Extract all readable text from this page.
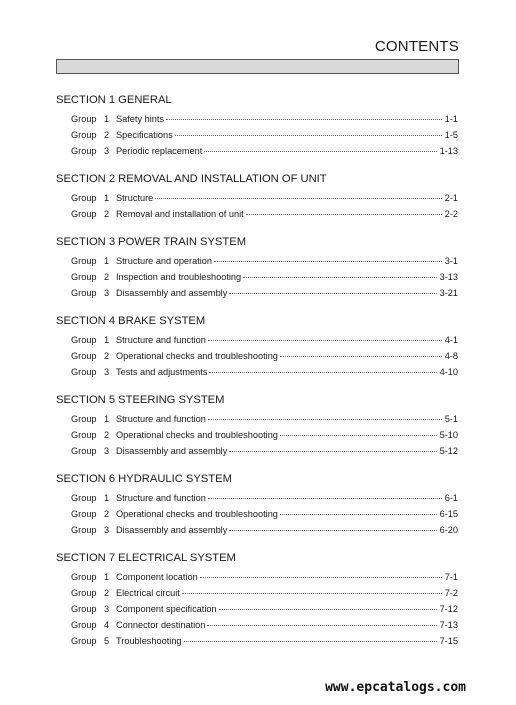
CONTENTS
SECTION 1 GENERAL
Group 1 Safety hints	1-1
Group 2 Specifications	1-5
Group 3 Periodic replacement	1-13
SECTION 2 REMOVAL AND INSTALLATION OF UNIT
Group 1 Structure	2-1
Group 2 Removal and installation of unit	2-2
SECTION 3 POWER TRAIN SYSTEM
Group 1 Structure and operation	3-1
Group 2 Inspection and troubleshooting	3-13
Group 3 Disassembly and assembly	3-21
SECTION 4 BRAKE SYSTEM
Group 1 Structure and function	4-1
Group 2 Operational checks and troubleshooting	4-8
Group 3 Tests and adjustments	4-10
SECTION 5 STEERING SYSTEM
Group 1 Structure and function	5-1
Group 2 Operational checks and troubleshooting	5-10
Group 3 Disassembly and assembly	5-12
SECTION 6 HYDRAULIC SYSTEM
Group 1 Structure and function	6-1
Group 2 Operational checks and troubleshooting	6-15
Group 3 Disassembly and assembly	6-20
SECTION 7 ELECTRICAL SYSTEM
Group 1 Component location	7-1
Group 2 Electrical circuit	7-2
Group 3 Component specification	7-12
Group 4 Connector destination	7-13
Group 5 Troubleshooting	7-15
www.epcatalogs.com
